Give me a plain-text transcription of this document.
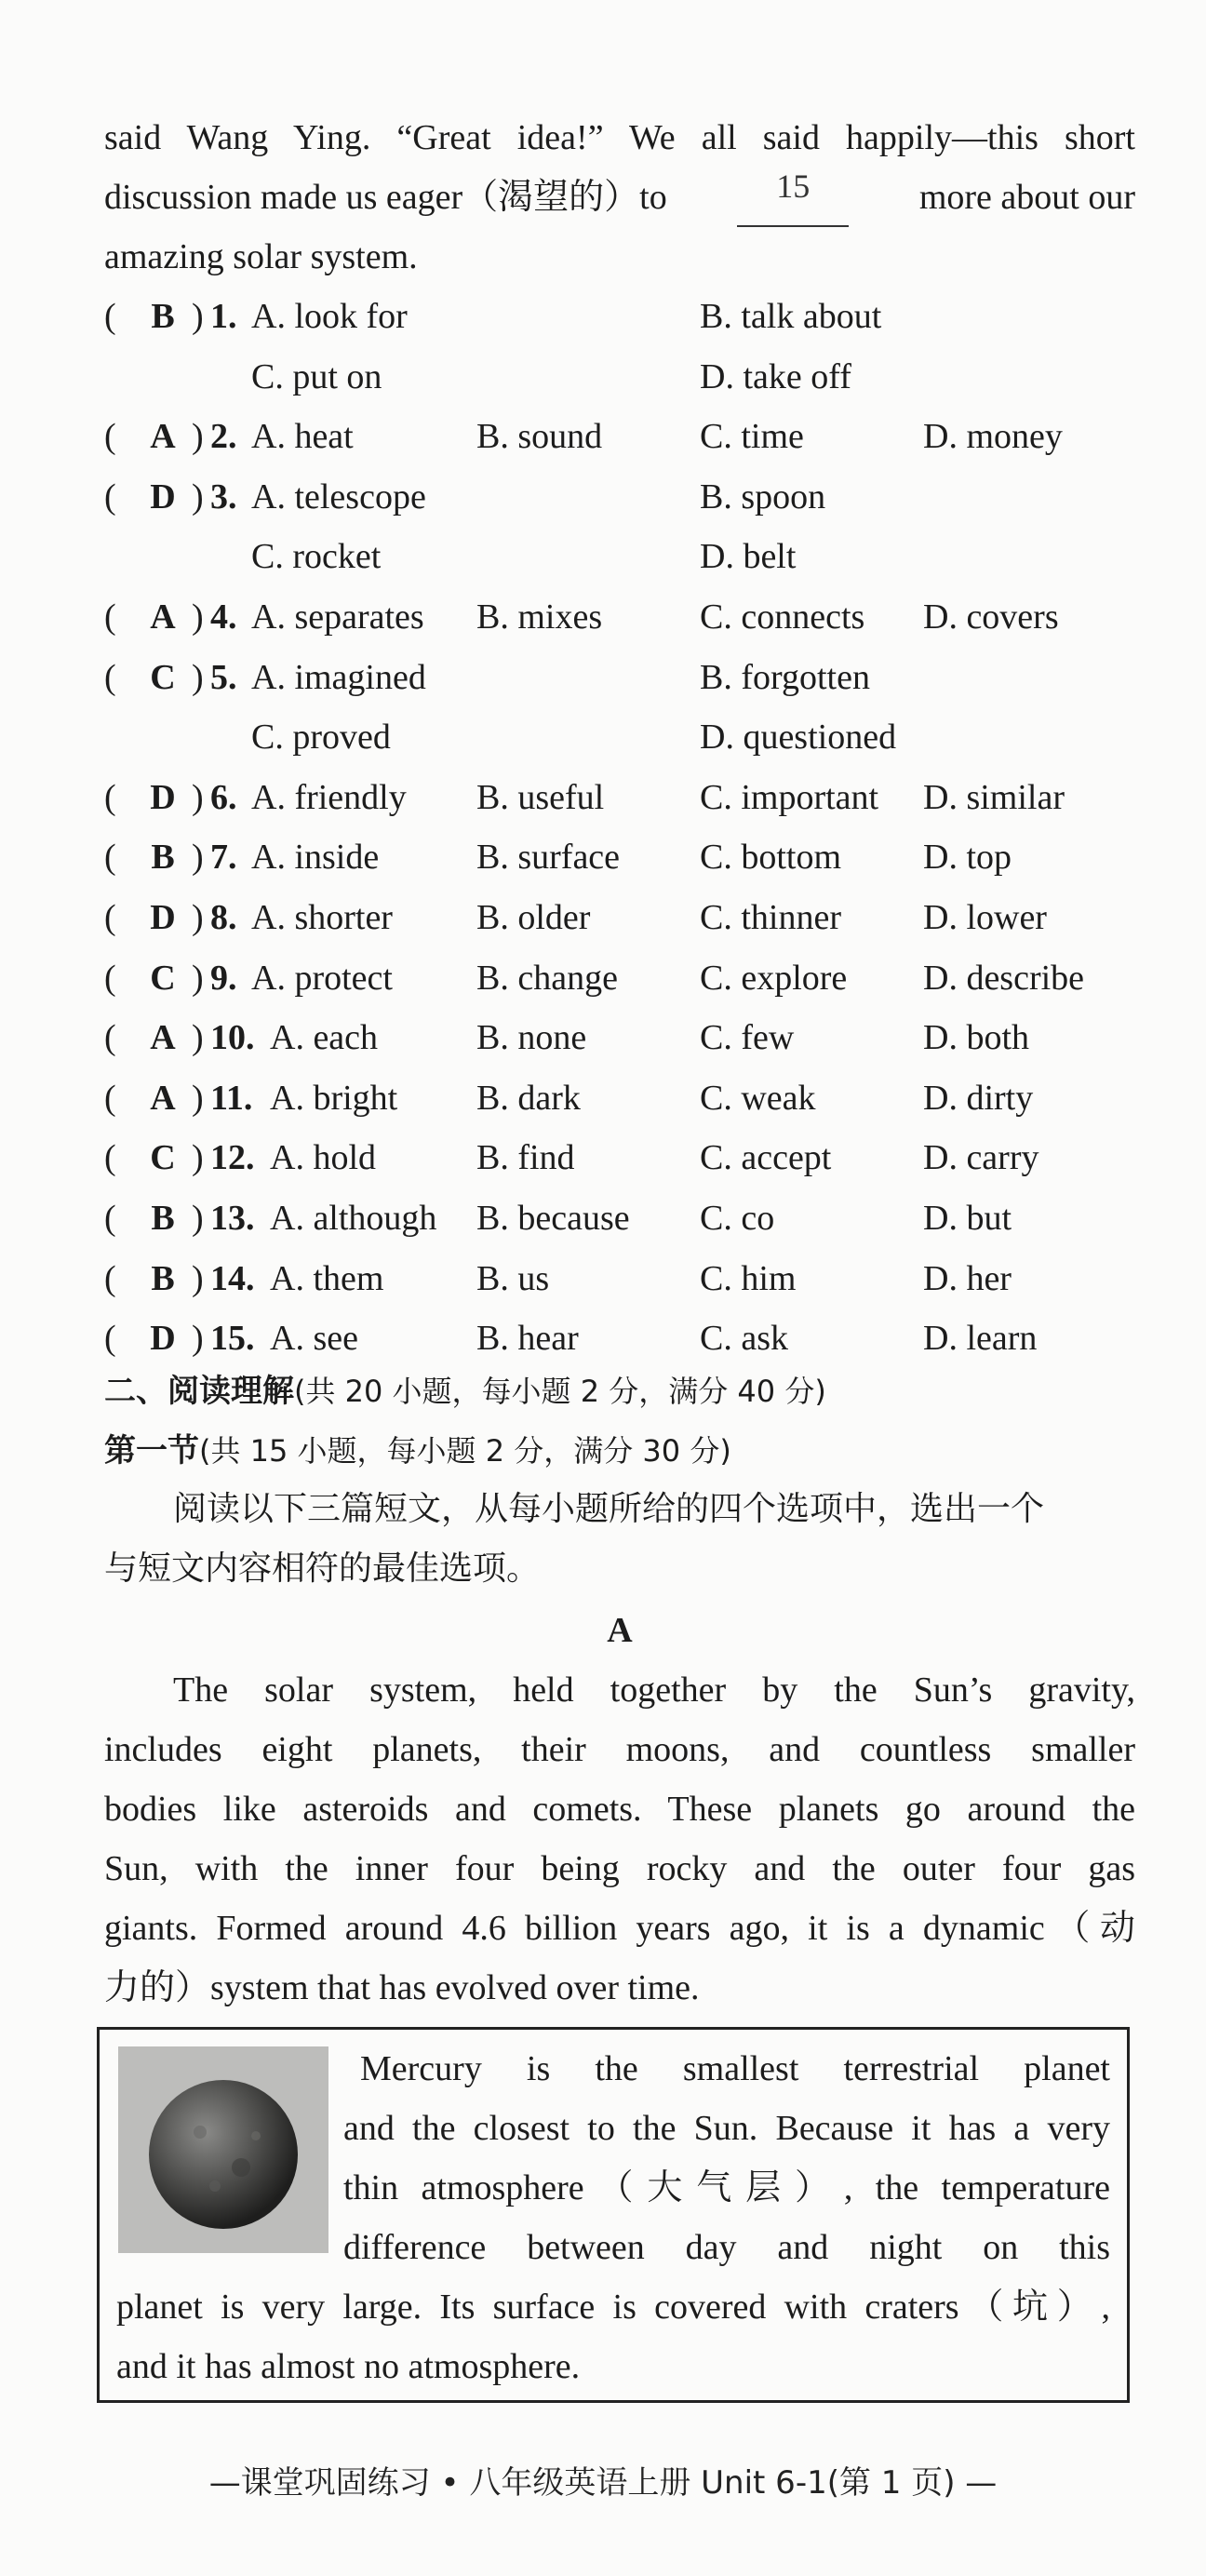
said Wang Ying. “Great idea!” We all said happily—this short
discussion made us eager（渴望的）to	15	more about our
amazing solar system.
( B ) 1. A. look for	B. talk about
C. put on	D. take off
( A ) 2. A. heat	B. sound	C. time	D. money
( D ) 3. A. telescope	B. spoon
C. rocket	D. belt
( A ) 4. A. separates B. mixes	C. connects D. covers
( C ) 5. A. imagined	B. forgotten
C. proved	D. questioned
( D ) 6. A. friendly B. useful	C. important D. similar
( B ) 7. A. inside	B. surface C. bottom D. top
( D ) 8. A. shorter B. older	C. thinner D. lower
( C ) 9. A. protect B. change C. explore D. describe
( A ) 10. A. each	B. none	C. few	D. both
( A ) 11. A. bright B. dark	C. weak	D. dirty
( C ) 12. A. hold	B. find	C. accept	D. carry
( B ) 13. A. although B. because C. co	D. but
( B ) 14. A. them	B. us	C. him	D. her
( D ) 15. A. see	B. hear	C. ask	D. learn
二、阅读理解(共 20 小题，每小题 2 分，满分 40 分)
第一节(共 15 小题，每小题 2 分，满分 30 分)
阅读以下三篇短文，从每小题所给的四个选项中，选出一个
与短文内容相符的最佳选项。
A
The solar system, held together by the Sun’s gravity,
includes eight planets, their moons, and countless smaller
bodies like asteroids and comets. These planets go around the
Sun, with the inner four being rocky and the outer four gas
giants. Formed around 4.6 billion years ago, it is a dynamic（动
力的）system that has evolved over time.
Mercury is the smallest terrestrial planet
and the closest to the Sun. Because it has a very
thin atmosphere（大气层）, the temperature
difference between day and night on this
planet is very large. Its surface is covered with craters（坑）,
and it has almost no atmosphere.
—课堂巩固练习 • 八年级英语上册 Unit 6-1(第 1 页) —
